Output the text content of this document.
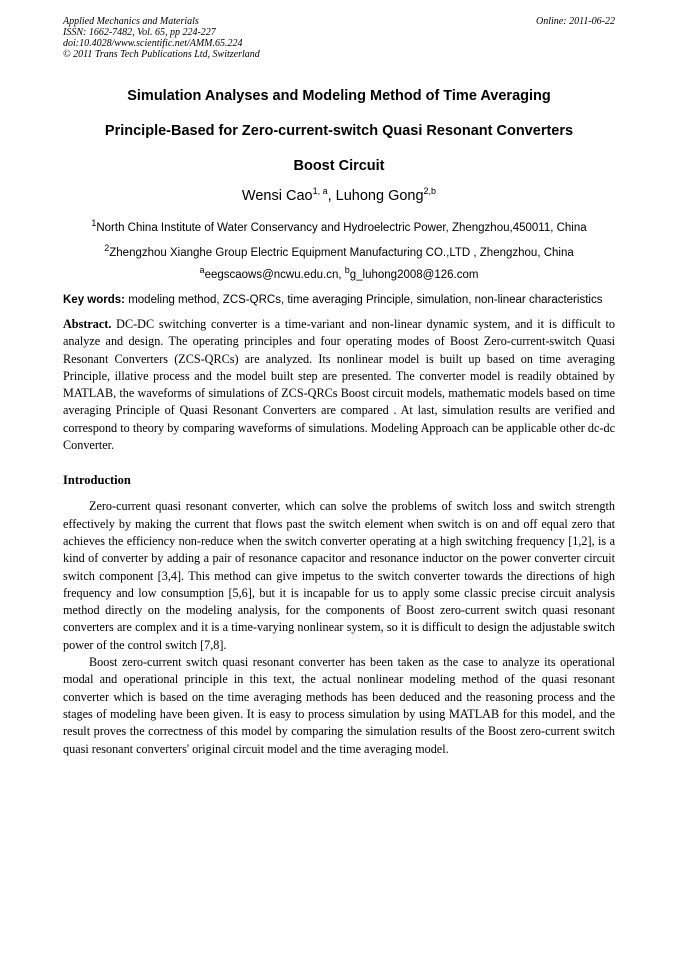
Applied Mechanics and Materials
ISSN: 1662-7482, Vol. 65, pp 224-227
doi:10.4028/www.scientific.net/AMM.65.224
© 2011 Trans Tech Publications Ltd, Switzerland
Online: 2011-06-22
Simulation Analyses and Modeling Method of Time Averaging
Principle-Based for Zero-current-switch Quasi Resonant Converters
Boost Circuit
Wensi Cao$^{1, a}$, Luhong Gong$^{2,b}$
$^1$North China Institute of Water Conservancy and Hydroelectric Power, Zhengzhou,450011, China
$^2$Zhengzhou Xianghe Group Electric Equipment Manufacturing CO.,LTD , Zhengzhou, China
$^a$eegscaows@ncwu.edu.cn, $^b$g_luhong2008@126.com
Key words: modeling method, ZCS-QRCs, time averaging Principle, simulation, non-linear characteristics
Abstract. DC-DC switching converter is a time-variant and non-linear dynamic system, and it is difficult to analyze and design. The operating principles and four operating modes of Boost Zero-current-switch Quasi Resonant Converters (ZCS-QRCs) are analyzed. Its nonlinear model is built up based on time averaging Principle, illative process and the model built step are presented. The converter model is readily obtained by MATLAB, the waveforms of simulations of ZCS-QRCs Boost circuit models, mathematic models based on time averaging Principle of Quasi Resonant Converters are compared . At last, simulation results are verified and correspond to theory by comparing waveforms of simulations. Modeling Approach can be applicable other dc-dc Converter.
Introduction

Zero-current quasi resonant converter, which can solve the problems of switch loss and switch strength effectively by making the current that flows past the switch element when switch is on and off equal zero that achieves the efficiency non-reduce when the switch converter operating at a high switching frequency [1,2], is a kind of converter by adding a pair of resonance capacitor and resonance inductor on the power converter circuit switch component [3,4]. This method can give impetus to the switch converter towards the directions of high frequency and low consumption [5,6], but it is incapable for us to apply some classic precise circuit analysis method directly on the modeling analysis, for the components of Boost zero-current switch quasi resonant converters are complex and it is a time-varying nonlinear system, so it is difficult to design the adjustable switch power of the control switch [7,8].

Boost zero-current switch quasi resonant converter has been taken as the case to analyze its operational modal and operational principle in this text, the actual nonlinear modeling method of the quasi resonant converter which is based on the time averaging methods has been deduced and the reasoning process and the stages of modeling have been given. It is easy to process simulation by using MATLAB for this model, and the result proves the correctness of this model by comparing the simulation results of the Boost zero-current switch quasi resonant converters' original circuit model and the time averaging model.
